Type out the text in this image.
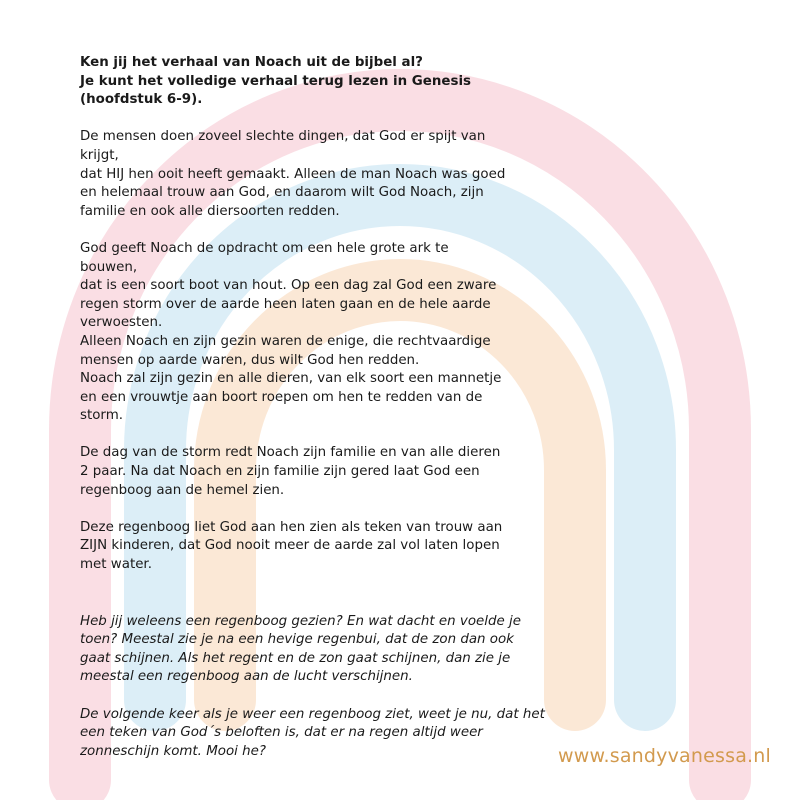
Ken jij het verhaal van Noach uit de bijbel al?
Je kunt het volledige verhaal terug lezen in Genesis
(hoofdstuk 6-9).
De mensen doen zoveel slechte dingen, dat God er spijt van
krijgt,
dat HIJ hen ooit heeft gemaakt. Alleen de man Noach was goed
en helemaal trouw aan God, en daarom wilt God Noach, zijn
familie en ook alle diersoorten redden.
God geeft Noach de opdracht om een hele grote ark te
bouwen,
dat is een soort boot van hout. Op een dag zal God een zware
regen storm over de aarde heen laten gaan en de hele aarde
verwoesten.
Alleen Noach en zijn gezin waren de enige, die rechtvaardige
mensen op aarde waren, dus wilt God hen redden.
Noach zal zijn gezin en alle dieren, van elk soort een mannetje
en een vrouwtje aan boort roepen om hen te redden van de
storm.
De dag van de storm redt Noach zijn familie en van alle dieren
2 paar. Na dat Noach en zijn familie zijn gered laat God een
regenboog aan de hemel zien.
Deze regenboog liet God aan hen zien als teken van trouw aan
ZIJN kinderen, dat God nooit meer de aarde zal vol laten lopen
met water.
Heb jij weleens een regenboog gezien? En wat dacht en voelde je
toen? Meestal zie je na een hevige regenbui, dat de zon dan ook
gaat schijnen. Als het regent en de zon gaat schijnen, dan zie je
meestal een regenboog aan de lucht verschijnen.
De volgende keer als je weer een regenboog ziet, weet je nu, dat het
een teken van God´s beloften is, dat er na regen altijd weer
zonneschijn komt. Mooi he?	www.sandyvanessa.nl
